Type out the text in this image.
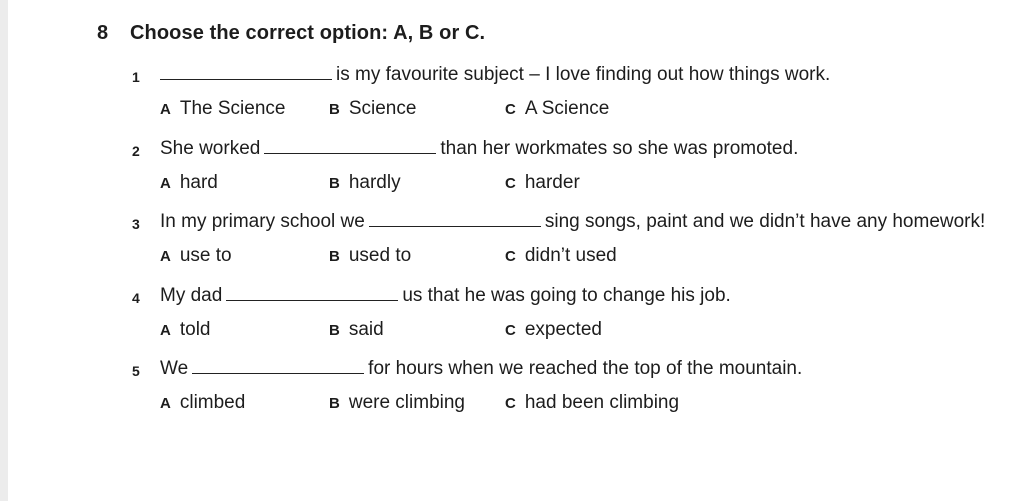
8	Choose the correct option: A, B or C.
1	is my favourite subject – I love finding out how things work.
A The Science	B Science	C A Science
2 She worked	than her workmates so she was promoted.
A hard	B hardly	C harder
3 In my primary school we	sing songs, paint and we didn’t have any homework!
A use to	B used to	C didn’t used
4 My dad	us that he was going to change his job.
A told	B said	C expected
5 We	for hours when we reached the top of the mountain.
A climbed	B were climbing	C had been climbing
